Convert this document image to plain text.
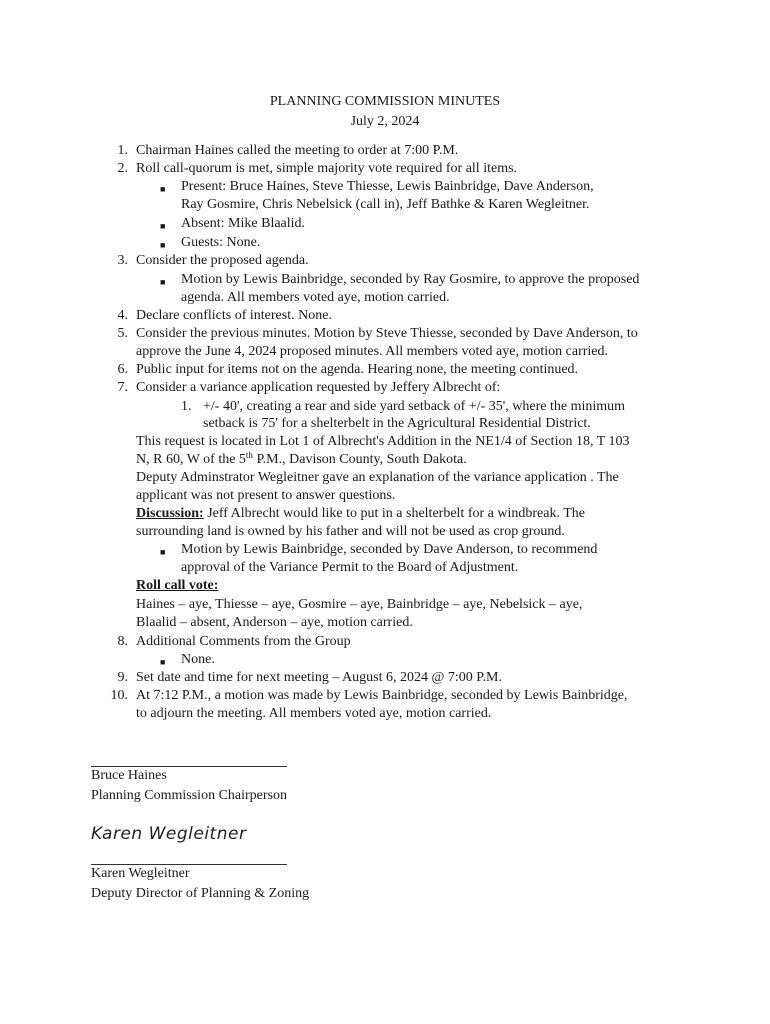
PLANNING COMMISSION MINUTES
July 2, 2024
1. Chairman Haines called the meeting to order at 7:00 P.M.
2. Roll call-quorum is met, simple majority vote required for all items.
■ Present: Bruce Haines, Steve Thiesse, Lewis Bainbridge, Dave Anderson,
Ray Gosmire, Chris Nebelsick (call in), Jeff Bathke & Karen Wegleitner.
■ Absent: Mike Blaalid.
■ Guests: None.
3. Consider the proposed agenda.
■ Motion by Lewis Bainbridge, seconded by Ray Gosmire, to approve the proposed
agenda. All members voted aye, motion carried.
4. Declare conflicts of interest. None.
5. Consider the previous minutes. Motion by Steve Thiesse, seconded by Dave Anderson, to
approve the June 4, 2024 proposed minutes. All members voted aye, motion carried.
6. Public input for items not on the agenda. Hearing none, the meeting continued.
7. Consider a variance application requested by Jeffery Albrecht of:
1. +/- 40', creating a rear and side yard setback of +/- 35', where the minimum
setback is 75' for a shelterbelt in the Agricultural Residential District.
This request is located in Lot 1 of Albrecht's Addition in the NE1/4 of Section 18, T 103
N, R 60, W of the 5th P.M., Davison County, South Dakota.
Deputy Adminstrator Wegleitner gave an explanation of the variance application . The
applicant was not present to answer questions.
Discussion: Jeff Albrecht would like to put in a shelterbelt for a windbreak. The
surrounding land is owned by his father and will not be used as crop ground.
■ Motion by Lewis Bainbridge, seconded by Dave Anderson, to recommend
approval of the Variance Permit to the Board of Adjustment.
Roll call vote:
Haines – aye, Thiesse – aye, Gosmire – aye, Bainbridge – aye, Nebelsick – aye,
Blaalid – absent, Anderson – aye, motion carried.
8. Additional Comments from the Group
■ None.
9. Set date and time for next meeting – August 6, 2024 @ 7:00 P.M.
10. At 7:12 P.M., a motion was made by Lewis Bainbridge, seconded by Lewis Bainbridge,
to adjourn the meeting. All members voted aye, motion carried.
Bruce Haines
Planning Commission Chairperson
Karen Wegleitner
Karen Wegleitner
Deputy Director of Planning & Zoning
